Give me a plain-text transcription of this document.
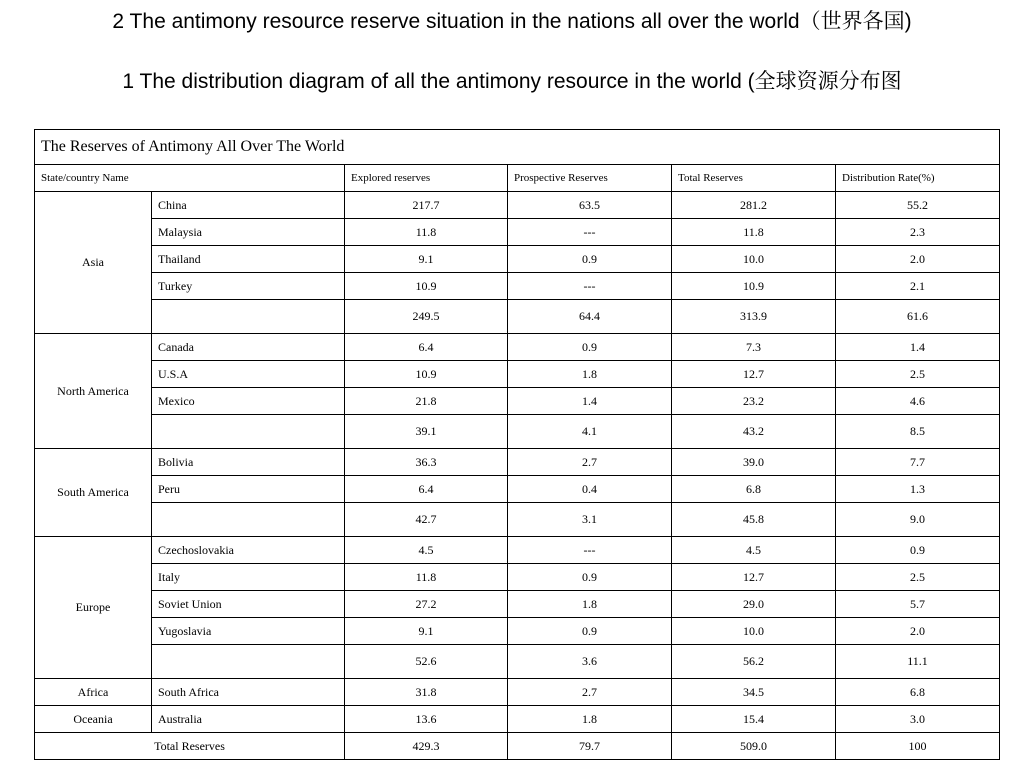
2 The antimony resource reserve situation in the nations all over the world（世界各国)
1 The distribution diagram of all the antimony resource in the world (全球资源分布图
The Reserves of Antimony All Over The World					
State/country Name		Explored reserves	Prospective Reserves	Total Reserves	Distribution Rate(%)
Asia	China	217.7	63.5	281.2	55.2
	Malaysia	11.8	---	11.8	2.3
	Thailand	9.1	0.9	10.0	2.0
	Turkey	10.9	---	10.9	2.1
		249.5	64.4	313.9	61.6
North America	Canada	6.4	0.9	7.3	1.4
	U.S.A	10.9	1.8	12.7	2.5
	Mexico	21.8	1.4	23.2	4.6
		39.1	4.1	43.2	8.5
South America	Bolivia	36.3	2.7	39.0	7.7
	Peru	6.4	0.4	6.8	1.3
		42.7	3.1	45.8	9.0
Europe	Czechoslovakia	4.5	---	4.5	0.9
	Italy	11.8	0.9	12.7	2.5
	Soviet Union	27.2	1.8	29.0	5.7
	Yugoslavia	9.1	0.9	10.0	2.0
		52.6	3.6	56.2	11.1
Africa	South Africa	31.8	2.7	34.5	6.8
Oceania	Australia	13.6	1.8	15.4	3.0
Total Reserves		429.3	79.7	509.0	100
